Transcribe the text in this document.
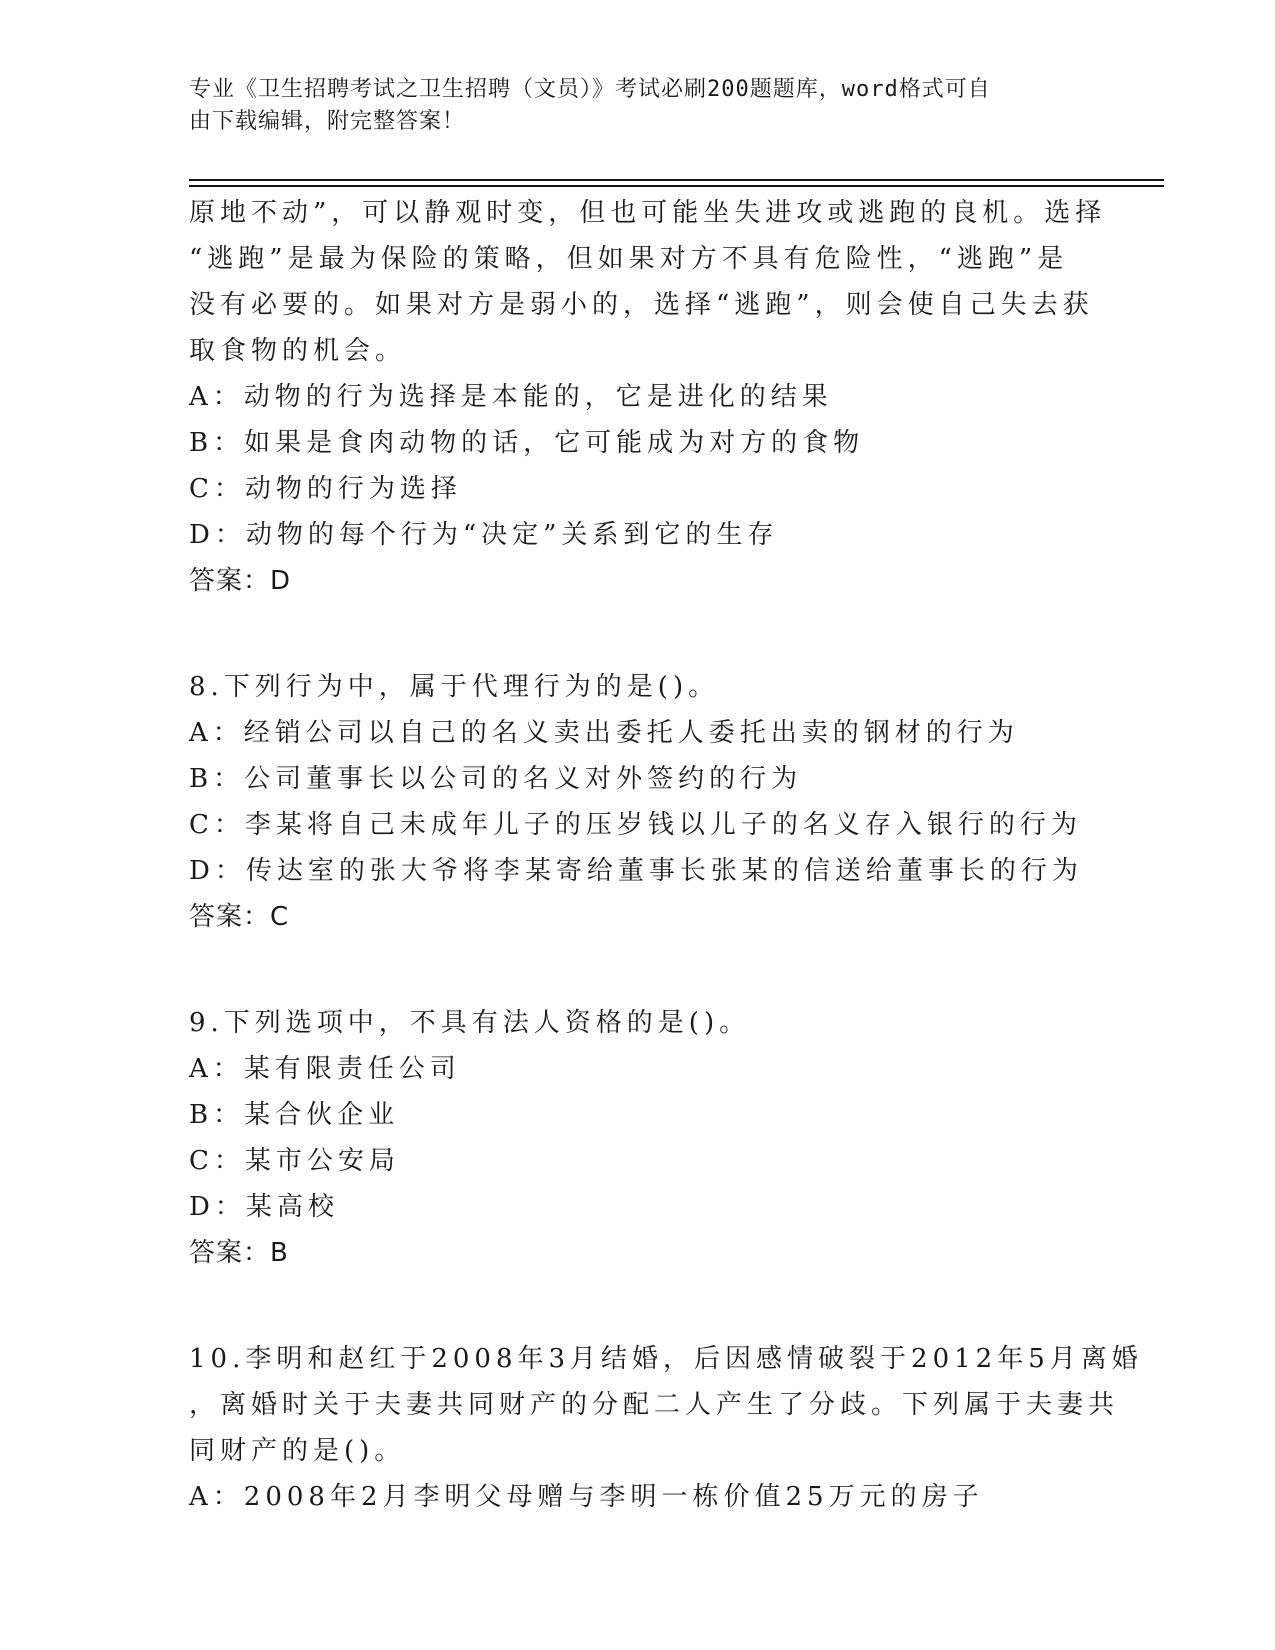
专业《卫生招聘考试之卫生招聘（文员）》考试必刷200题题库，word格式可自
由下载编辑，附完整答案！
原地不动”，可以静观时变，但也可能坐失进攻或逃跑的良机。选择
“逃跑”是最为保险的策略，但如果对方不具有危险性，“逃跑”是
没有必要的。如果对方是弱小的，选择“逃跑”，则会使自己失去获
取食物的机会。
A：动物的行为选择是本能的，它是进化的结果
B：如果是食肉动物的话，它可能成为对方的食物
C：动物的行为选择
D：动物的每个行为“决定”关系到它的生存
答案：D
8.下列行为中，属于代理行为的是()。
A：经销公司以自己的名义卖出委托人委托出卖的钢材的行为
B：公司董事长以公司的名义对外签约的行为
C：李某将自己未成年儿子的压岁钱以儿子的名义存入银行的行为
D：传达室的张大爷将李某寄给董事长张某的信送给董事长的行为
答案：C
9.下列选项中，不具有法人资格的是()。
A：某有限责任公司
B：某合伙企业
C：某市公安局
D：某高校
答案：B
10.李明和赵红于2008年3月结婚，后因感情破裂于2012年5月离婚
，离婚时关于夫妻共同财产的分配二人产生了分歧。下列属于夫妻共
同财产的是()。
A：2008年2月李明父母赠与李明一栋价值25万元的房子
